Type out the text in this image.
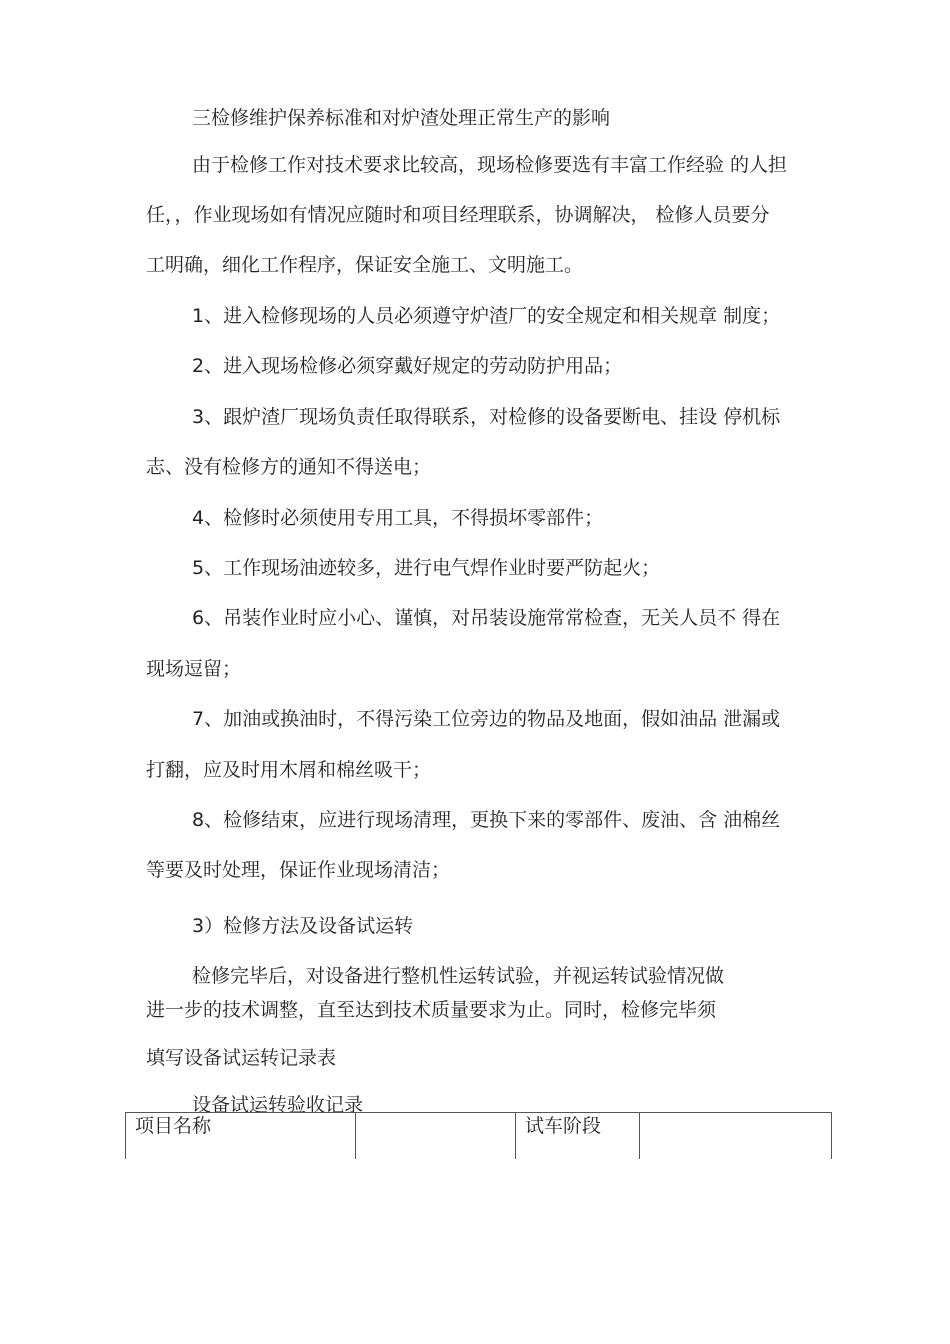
三检修维护保养标准和对炉渣处理正常生产的影响

由于检修工作对技术要求比较高，现场检修要选有丰富工作经验 的人担

任，，作业现场如有情况应随时和项目经理联系，协调解决， 检修人员要分

工明确，细化工作程序，保证安全施工、文明施工。

1、进入检修现场的人员必须遵守炉渣厂的安全规定和相关规章 制度；

2、进入现场检修必须穿戴好规定的劳动防护用品；

3、跟炉渣厂现场负责任取得联系，对检修的设备要断电、挂设 停机标

志、没有检修方的通知不得送电；

4、检修时必须使用专用工具，不得损坏零部件；

5、工作现场油迹较多，进行电气焊作业时要严防起火；

6、吊装作业时应小心、谨慎，对吊装设施常常检查，无关人员不 得在

现场逗留；

7、加油或换油时，不得污染工位旁边的物品及地面，假如油品 泄漏或

打翻，应及时用木屑和棉丝吸干；

8、检修结束，应进行现场清理，更换下来的零部件、废油、含 油棉丝

等要及时处理，保证作业现场清洁；

3）检修方法及设备试运转

检修完毕后，对设备进行整机性运转试验，并视运转试验情况做

进一步的技术调整，直至达到技术质量要求为止。同时，检修完毕须

填写设备试运转记录表

设备试运转验收记录

项目名称	试车阶段
